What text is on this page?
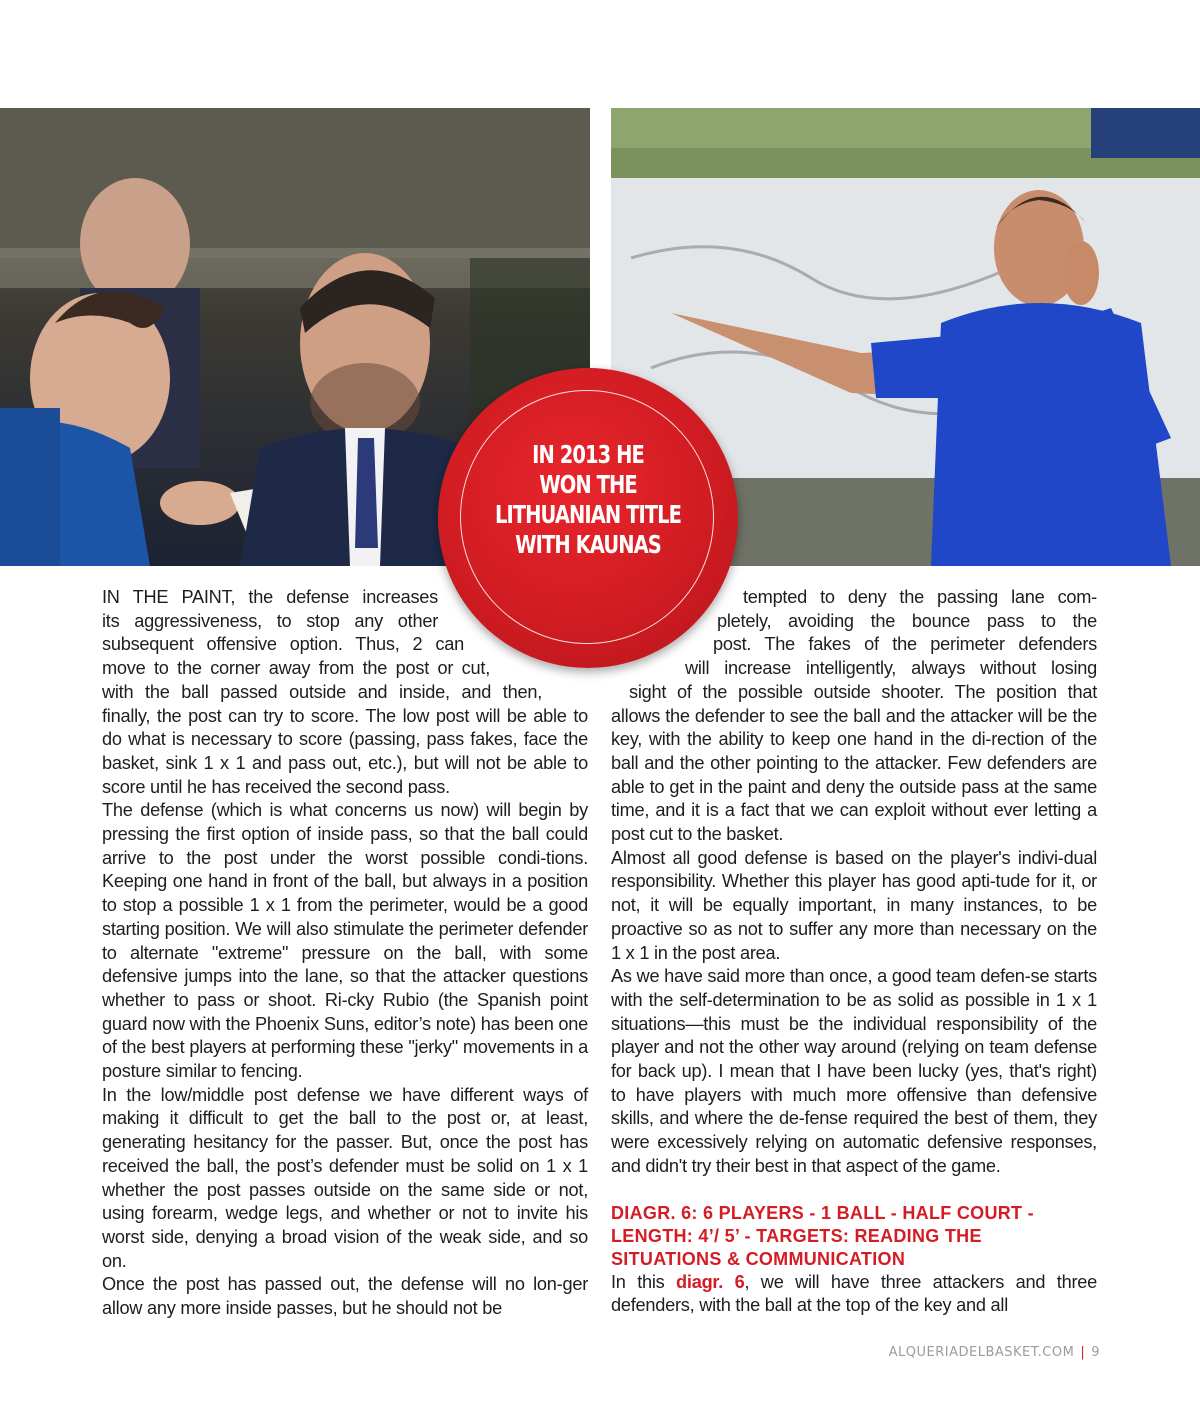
IN 2013 HE
WON THE
LITHUANIAN TITLE
WITH KAUNAS
IN THE PAINT, the defense increases
its aggressiveness, to stop any other
subsequent offensive option. Thus, 2 can
move to the corner away from the post or cut,
with the ball passed outside and inside, and then,

finally, the post can try to score. The low post will be able to do what is necessary to score (passing, pass fakes, face the basket, sink 1 x 1 and pass out, etc.), but will not be able to score until he has received the second pass.

The defense (which is what concerns us now) will begin by pressing the first option of inside pass, so that the ball could arrive to the post under the worst possible condi-tions. Keeping one hand in front of the ball, but always in a position to stop a possible 1 x 1 from the perimeter, would be a good starting position. We will also stimulate the perimeter defender to alternate "extreme" pressure on the ball, with some defensive jumps into the lane, so that the attacker questions whether to pass or shoot. Ri-cky Rubio (the Spanish point guard now with the Phoenix Suns, editor’s note) has been one of the best players at performing these "jerky" movements in a posture similar to fencing.

In the low/middle post defense we have different ways of making it difficult to get the ball to the post or, at least, generating hesitancy for the passer. But, once the post has received the ball, the post’s defender must be solid on 1 x 1 whether the post passes outside on the same side or not, using forearm, wedge legs, and whether or not to invite his worst side, denying a broad vision of the weak side, and so on.

Once the post has passed out, the defense will no lon-ger allow any more inside passes, but he should not be

tempted to deny the passing lane com-
pletely, avoiding the bounce pass to the
post. The fakes of the perimeter defenders
will increase intelligently, always without losing
sight of the possible outside shooter. The position that

allows the defender to see the ball and the attacker will be the key, with the ability to keep one hand in the di-rection of the ball and the other pointing to the attacker. Few defenders are able to get in the paint and deny the outside pass at the same time, and it is a fact that we can exploit without ever letting a post cut to the basket.

Almost all good defense is based on the player's indivi-dual responsibility. Whether this player has good apti-tude for it, or not, it will be equally important, in many instances, to be proactive so as not to suffer any more than necessary on the 1 x 1 in the post area.

As we have said more than once, a good team defen-se starts with the self-determination to be as solid as possible in 1 x 1 situations—this must be the individual responsibility of the player and not the other way around (relying on team defense for back up). I mean that I have been lucky (yes, that's right) to have players with much more offensive than defensive skills, and where the de-fense required the best of them, they were excessively relying on automatic defensive responses, and didn't try their best in that aspect of the game.

DIAGR. 6: 6 PLAYERS - 1 BALL - HALF COURT - LENGTH: 4’/ 5’ - TARGETS: READING THE SITUATIONS & COMMUNICATION

In this diagr. 6, we will have three attackers and three defenders, with the ball at the top of the key and all

ALQUERIADELBASKET.COM | 9
